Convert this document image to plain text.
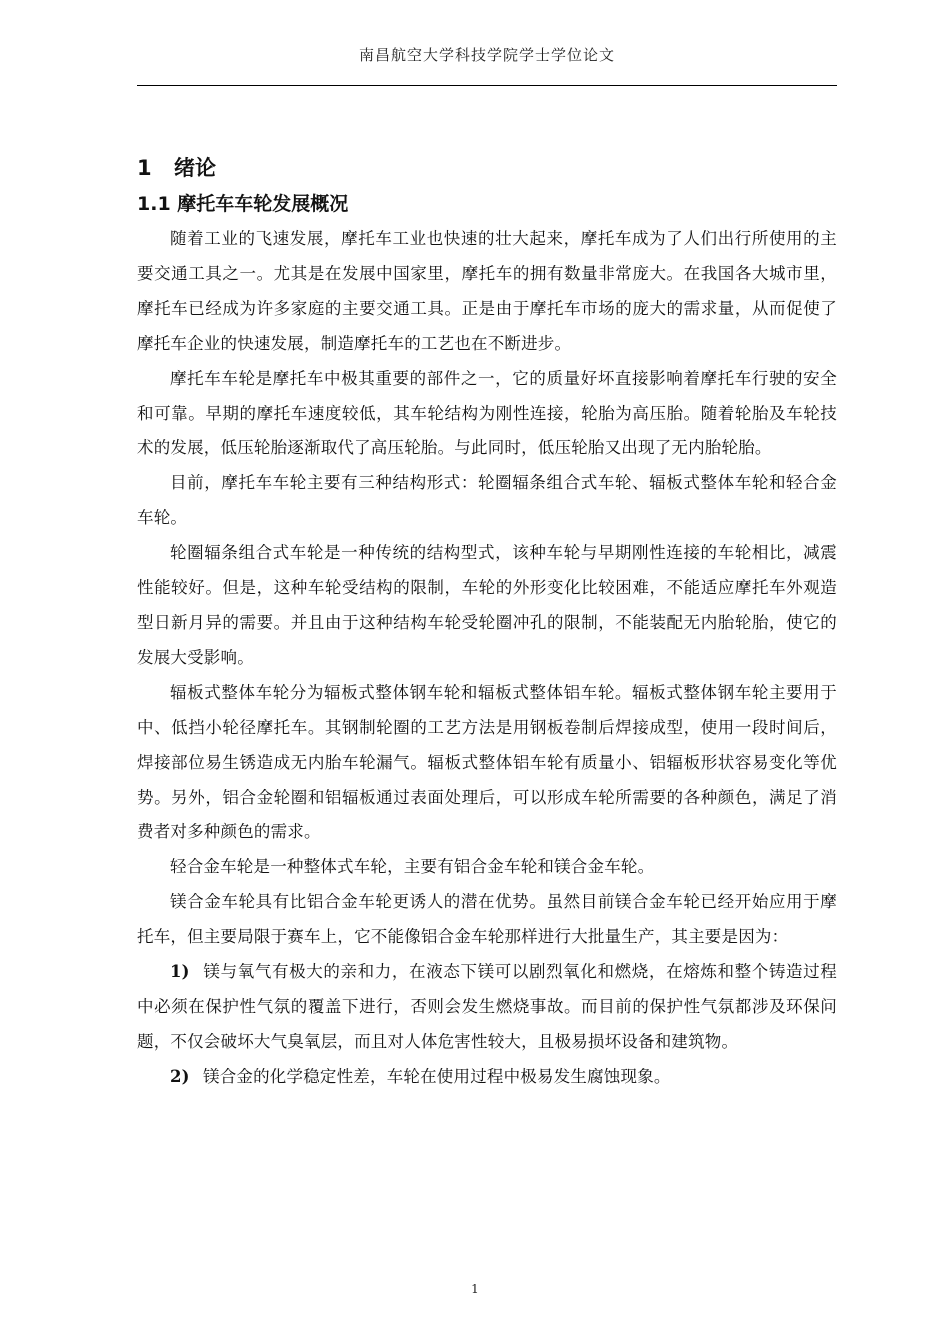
南昌航空大学科技学院学士学位论文
1 绪论
1.1 摩托车车轮发展概况

随着工业的飞速发展，摩托车工业也快速的壮大起来，摩托车成为了人们出行所使用的主要交通工具之一。尤其是在发展中国家里，摩托车的拥有数量非常庞大。在我国各大城市里，摩托车已经成为许多家庭的主要交通工具。正是由于摩托车市场的庞大的需求量，从而促使了摩托车企业的快速发展，制造摩托车的工艺也在不断进步。

摩托车车轮是摩托车中极其重要的部件之一，它的质量好坏直接影响着摩托车行驶的安全和可靠。早期的摩托车速度较低，其车轮结构为刚性连接，轮胎为高压胎。随着轮胎及车轮技术的发展，低压轮胎逐渐取代了高压轮胎。与此同时，低压轮胎又出现了无内胎轮胎。

目前，摩托车车轮主要有三种结构形式：轮圈辐条组合式车轮、辐板式整体车轮和轻合金车轮。

轮圈辐条组合式车轮是一种传统的结构型式，该种车轮与早期刚性连接的车轮相比，减震性能较好。但是，这种车轮受结构的限制，车轮的外形变化比较困难，不能适应摩托车外观造型日新月异的需要。并且由于这种结构车轮受轮圈冲孔的限制，不能装配无内胎轮胎，使它的发展大受影响。

辐板式整体车轮分为辐板式整体钢车轮和辐板式整体铝车轮。辐板式整体钢车轮主要用于中、低挡小轮径摩托车。其钢制轮圈的工艺方法是用钢板卷制后焊接成型，使用一段时间后，焊接部位易生锈造成无内胎车轮漏气。辐板式整体铝车轮有质量小、铝辐板形状容易变化等优势。另外，铝合金轮圈和铝辐板通过表面处理后，可以形成车轮所需要的各种颜色，满足了消费者对多种颜色的需求。

轻合金车轮是一种整体式车轮，主要有铝合金车轮和镁合金车轮。

镁合金车轮具有比铝合金车轮更诱人的潜在优势。虽然目前镁合金车轮已经开始应用于摩托车，但主要局限于赛车上，它不能像铝合金车轮那样进行大批量生产，其主要是因为：

1) 镁与氧气有极大的亲和力，在液态下镁可以剧烈氧化和燃烧，在熔炼和整个铸造过程中必须在保护性气氛的覆盖下进行，否则会发生燃烧事故。而目前的保护性气氛都涉及环保问题，不仅会破坏大气臭氧层，而且对人体危害性较大，且极易损坏设备和建筑物。

2) 镁合金的化学稳定性差，车轮在使用过程中极易发生腐蚀现象。

1
